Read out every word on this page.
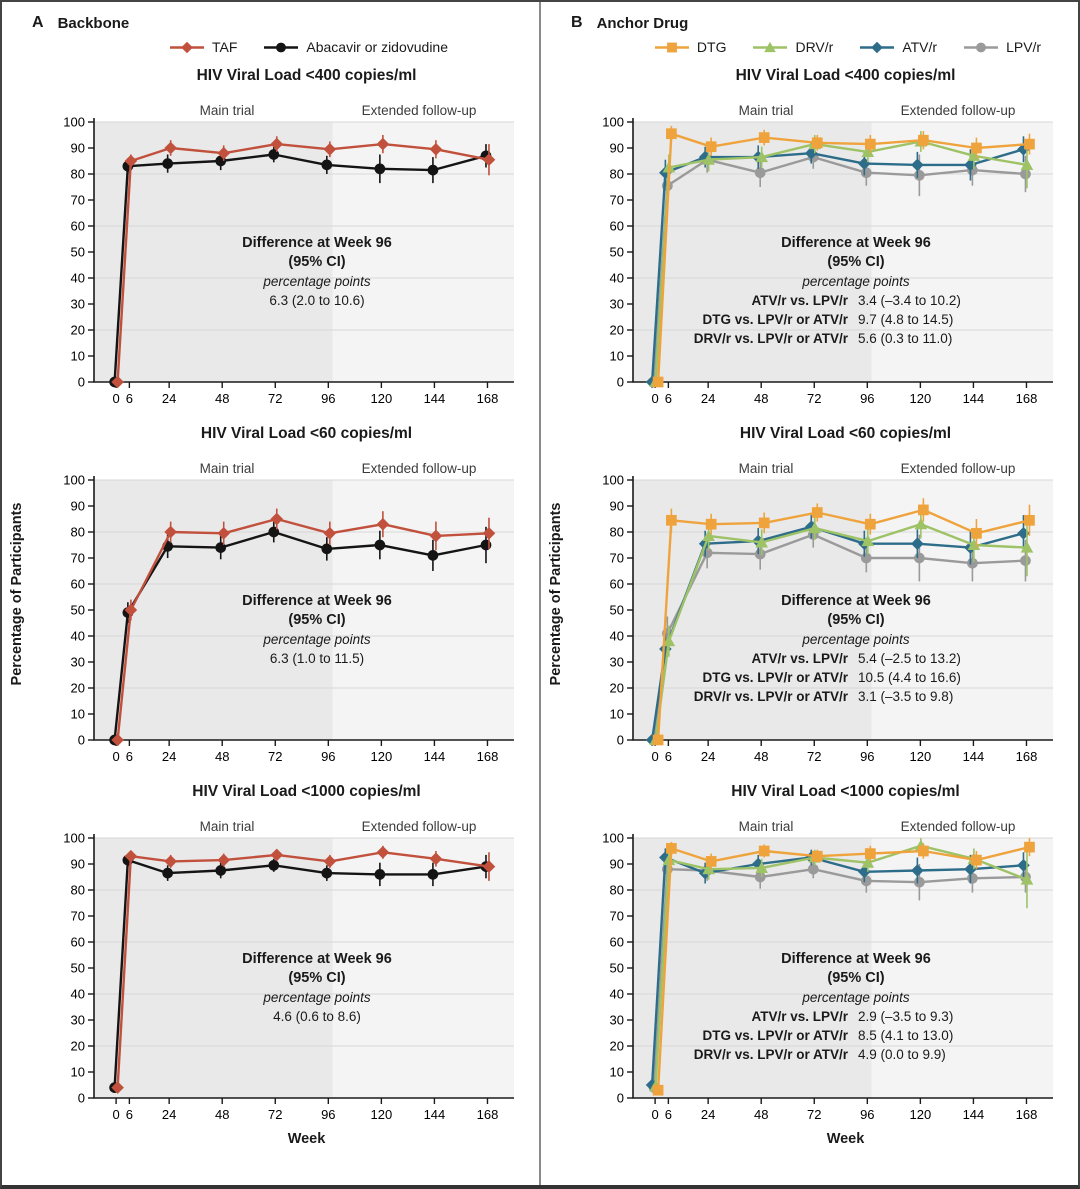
A Backbone
TAF	Abacavir or zidovudine
HIV Viral Load <400 copies/ml
Main trial	Extended follow-up
0
10
20
30
40
50
60
70
80
90
100
0 6 24	48	72	96	120 144 168
Difference at Week 96
(95% CI)
percentage points
6.3 (2.0 to 10.6)
HIV Viral Load <60 copies/ml
Main trial	Extended follow-up
0
10
20
30
40
50
60
70
80
90
100
0 6 24	48	72	96	120 144 168
Difference at Week 96
(95% CI)
percentage points
6.3 (1.0 to 11.5)
HIV Viral Load <1000 copies/ml
Main trial	Extended follow-up
0
10
20
30
40
50
60
70
80
90
100
0 6 24	48	72	96	120 144 168
Difference at Week 96
(95% CI)
percentage points
4.6 (0.6 to 8.6)
Week
Percentage of Participants
B Anchor Drug
DTG	DRV/r	ATV/r	LPV/r
HIV Viral Load <400 copies/ml
Main trial	Extended follow-up
0
10
20
30
40
50
60
70
80
90
100
0 6 24	48	72	96	120 144 168
Difference at Week 96
(95% CI)
percentage points
ATV/r vs. LPV/r 3.4 (–3.4 to 10.2)
DTG vs. LPV/r or ATV/r 9.7 (4.8 to 14.5)
DRV/r vs. LPV/r or ATV/r 5.6 (0.3 to 11.0)
HIV Viral Load <60 copies/ml
Main trial	Extended follow-up
0
10
20
30
40
50
60
70
80
90
100
0 6 24	48	72	96	120 144 168
Difference at Week 96
(95% CI)
percentage points
ATV/r vs. LPV/r 5.4 (–2.5 to 13.2)
DTG vs. LPV/r or ATV/r 10.5 (4.4 to 16.6)
DRV/r vs. LPV/r or ATV/r 3.1 (–3.5 to 9.8)
HIV Viral Load <1000 copies/ml
Main trial	Extended follow-up
0
10
20
30
40
50
60
70
80
90
100
0 6 24	48	72	96	120 144 168
Difference at Week 96
(95% CI)
percentage points
ATV/r vs. LPV/r 2.9 (–3.5 to 9.3)
DTG vs. LPV/r or ATV/r 8.5 (4.1 to 13.0)
DRV/r vs. LPV/r or ATV/r 4.9 (0.0 to 9.9)
Week
Percentage of Participants
